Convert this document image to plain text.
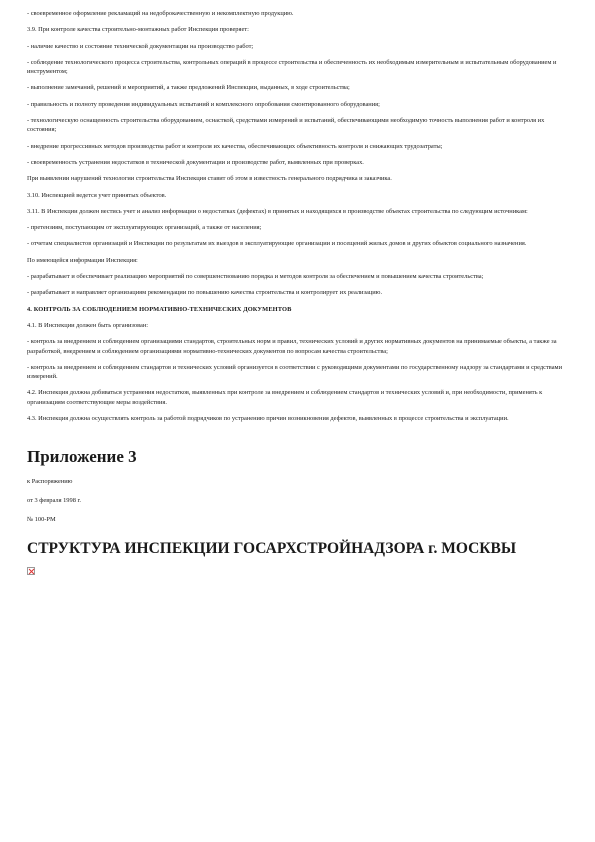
- своевременное оформление рекламаций на недоброкачественную и некомплектную продукцию.

3.9. При контроле качества строительно-монтажных работ Инспекция проверяет:

- наличие качество и состояние технической документации на производство работ;

- соблюдение технологического процесса строительства, контрольных операций в процессе строительства и обеспеченность их необходимым измерительным и испытательным оборудованием и инструментом;

- выполнение замечаний, решений и мероприятий, а также предложений Инспекции, выданных, в ходе строительства;

- правильность и полноту проведения индивидуальных испытаний и комплексного опробования смонтированного оборудования;

- технологическую оснащенность строительства оборудованием, оснасткой, средствами измерений и испытаний, обеспечивающими необходимую точность выполнения работ и контроля их состояния;

- внедрение прогрессивных методов производства работ и контроля их качества, обеспечивающих объективность контроля и снижающих трудозатраты;

- своевременность устранения недостатков в технической документации и производстве работ, выявленных при проверках.

При выявлении нарушений технологии строительства Инспекция ставит об этом в известность генерального подрядчика и заказчика.

3.10. Инспекцией ведется учет принятых объектов.

3.11. В Инспекции должен вестись учет и анализ информации о недостатках (дефектах) в принятых и находящихся в производстве объектах строительства по следующим источникам:

- претензиям, поступающим от эксплуатирующих организаций, а также от населения;

- отчетам специалистов организаций и Инспекции по результатам их выездов в эксплуатирующие организации и посещений жилых домов и других объектов социального назначения.

По имеющейся информации Инспекция:

- разрабатывает и обеспечивает реализацию мероприятий по совершенствованию порядка и методов контроля за обеспечением и повышением качества строительства;

- разрабатывает и направляет организациям рекомендации по повышению качества строительства и контролирует их реализацию.

4. КОНТРОЛЬ ЗА СОБЛЮДЕНИЕМ НОРМАТИВНО-ТЕХНИЧЕСКИХ ДОКУМЕНТОВ

4.1. В Инспекции должен быть организован:

- контроль за внедрением и соблюдением организациями стандартов, строительных норм и правил, технических условий и других нормативных документов на принимаемые объекты, а также за разработкой, внедрением и соблюдением организациями нормативно-технических документов по вопросам качества строительства;

- контроль за внедрением и соблюдением стандартов и технических условий организуется в соответствии с руководящими документами по государственному надзору за стандартами и средствами измерений.

4.2. Инспекция должна добиваться устранения недостатков, выявленных при контроле за внедрением и соблюдением стандартов и технических условий и, при необходимости, применять к организациям соответствующие меры воздействия.

4.3. Инспекция должна осуществлять контроль за работой подрядчиков по устранению причин возникновения дефектов, выявленных в процессе строительства и эксплуатации.

Приложение 3

к Распоряжению

от 3 февраля 1998 г.

№ 100-РМ

СТРУКТУРА ИНСПЕКЦИИ ГОСАРХСТРОЙНАДЗОРА г. МОСКВЫ
